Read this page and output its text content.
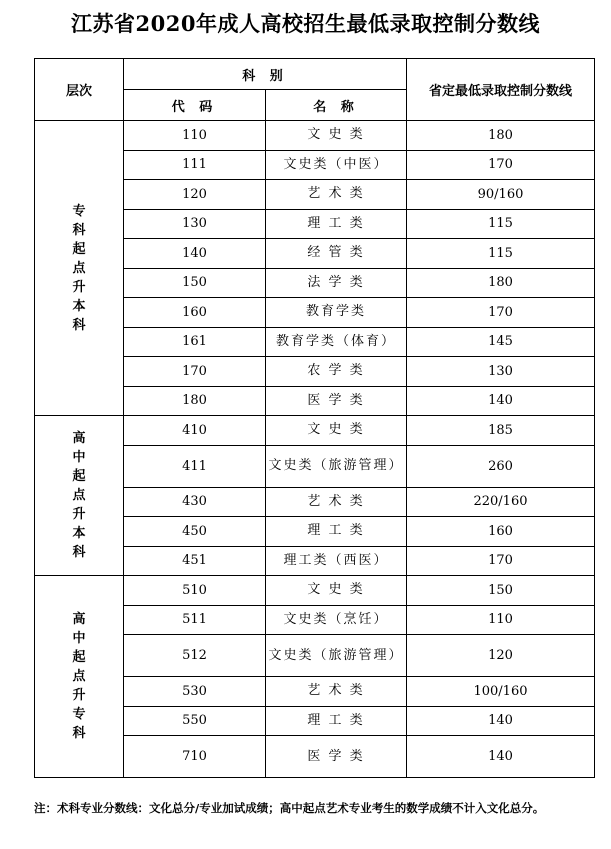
江苏省2020年成人高校招生最低录取控制分数线
层次	科 别		省定最低录取控制分数线
	代 码	名 称	
专科起点升本科	110	文 史 类	180
	111	文史类（中医）	170
	120	艺 术 类	90/160
	130	理 工 类	115
	140	经 管 类	115
	150	法 学 类	180
	160	教育学类	170
	161	教育学类（体育）	145
	170	农 学 类	130
	180	医 学 类	140
高中起点升本科	410	文 史 类	185
	411	文史类（旅游管理）	260
	430	艺 术 类	220/160
	450	理 工 类	160
	451	理工类（西医）	170
高中起点升专科	510	文 史 类	150
	511	文史类（烹饪）	110
	512	文史类（旅游管理）	120
	530	艺 术 类	100/160
	550	理 工 类	140
	710	医 学 类	140
注：术科专业分数线：文化总分/专业加试成绩；高中起点艺术专业考生的数学成绩不计入文化总分。
